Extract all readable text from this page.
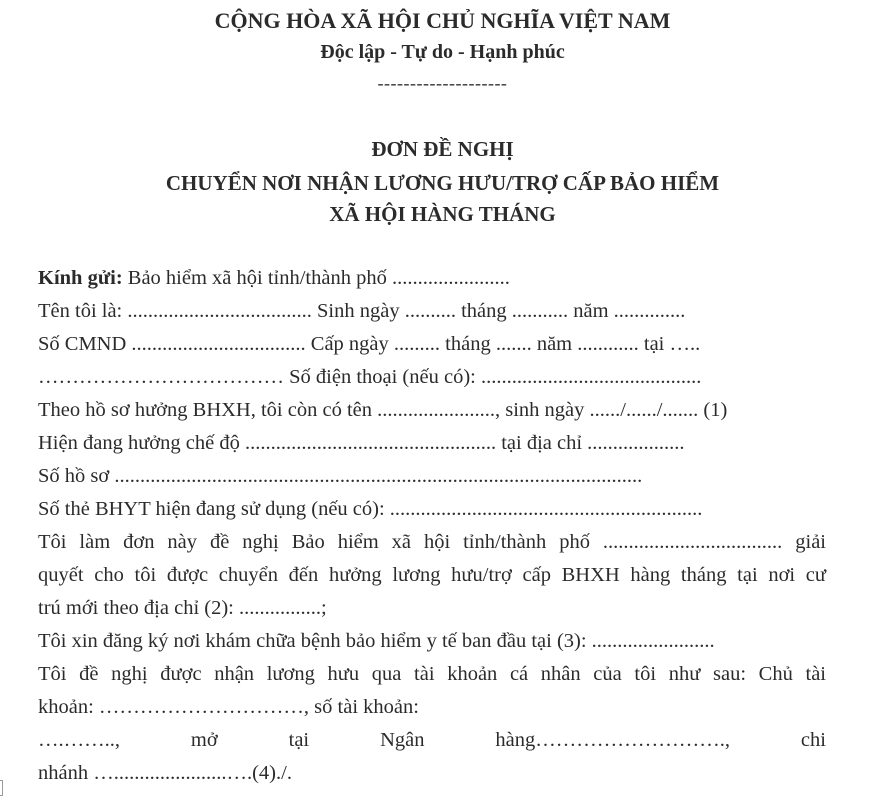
CỘNG HÒA XÃ HỘI CHỦ NGHĨA VIỆT NAM
Độc lập - Tự do - Hạnh phúc
--------------------
ĐƠN ĐỀ NGHỊ
CHUYỂN NƠI NHẬN LƯƠNG HƯU/TRỢ CẤP BẢO HIỂM XÃ HỘI HÀNG THÁNG
Kính gửi: Bảo hiểm xã hội tỉnh/thành phố .......................
Tên tôi là: .................................... Sinh ngày .......... tháng ........... năm ..............
Số CMND .................................. Cấp ngày ......... tháng ....... năm ............ tại …..
……………………………… Số điện thoại (nếu có): ...........................................
Theo hồ sơ hưởng BHXH, tôi còn có tên ......................., sinh ngày ....../....../....... (1)
Hiện đang hưởng chế độ ................................................. tại địa chỉ ...................
Số hồ sơ .......................................................................................................
Số thẻ BHYT hiện đang sử dụng (nếu có): .............................................................
Tôi làm đơn này đề nghị Bảo hiểm xã hội tỉnh/thành phố ................................... giải
quyết cho tôi được chuyển đến hưởng lương hưu/trợ cấp BHXH hàng tháng tại nơi cư
trú mới theo địa chỉ (2): ................;
Tôi xin đăng ký nơi khám chữa bệnh bảo hiểm y tế ban đầu tại (3): ........................
Tôi đề nghị được nhận lương hưu qua tài khoản cá nhân của tôi như sau: Chủ tài
khoản: …………………………, số tài khoản:
….……..,	mở	tại	Ngân	hàng……………………….,	chi
nhánh …......................….(4)./.
